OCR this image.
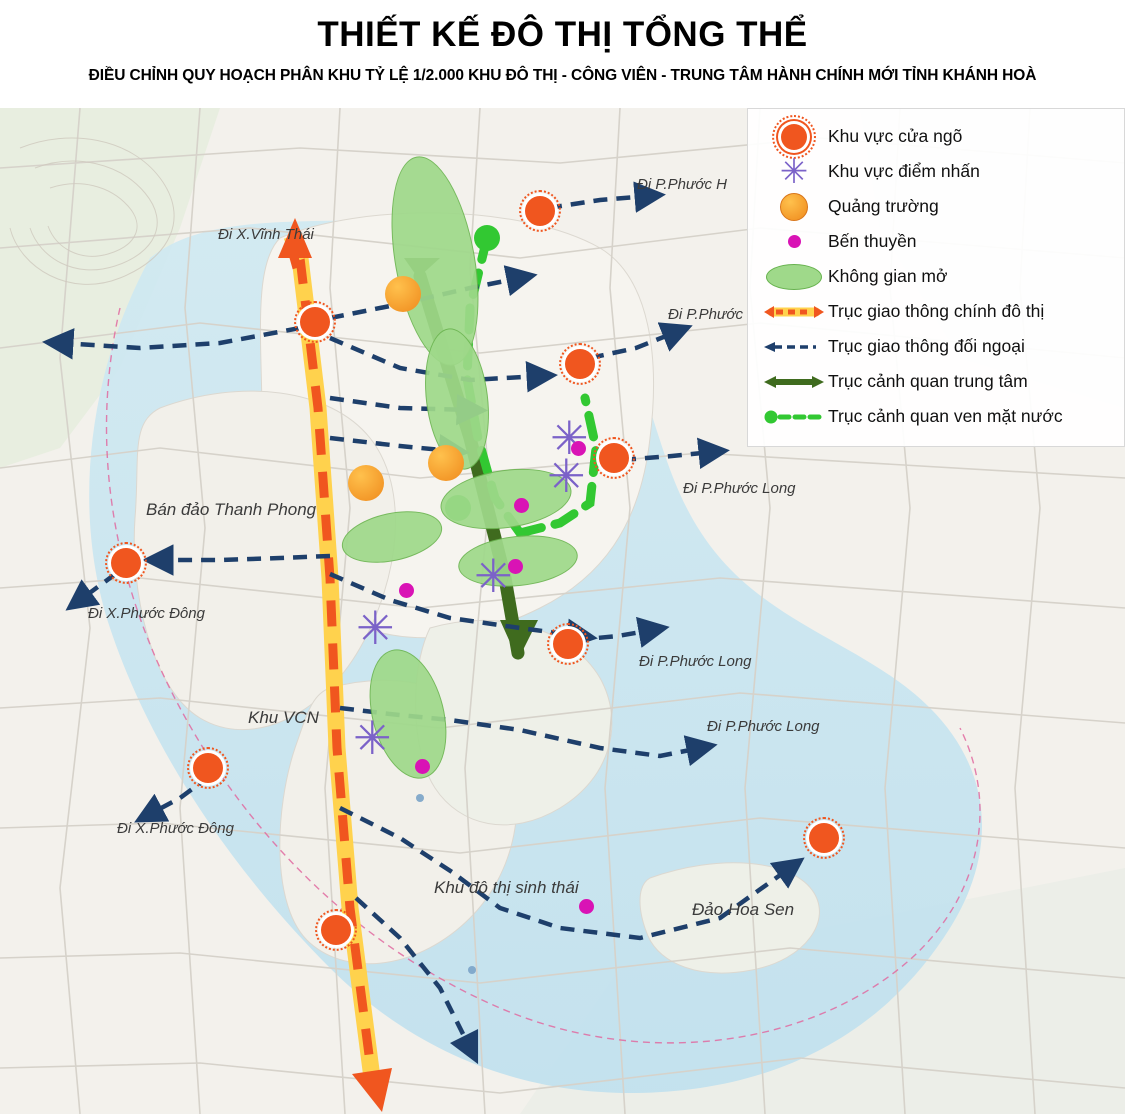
THIẾT KẾ ĐÔ THỊ TỔNG THỂ
ĐIỀU CHỈNH QUY HOẠCH PHÂN KHU TỶ LỆ 1/2.000 KHU ĐÔ THỊ - CÔNG VIÊN - TRUNG TÂM HÀNH CHÍNH MỚI TỈNH KHÁNH HOÀ
Đi X.Vĩnh Thái
Đi P.Phước H
Đi P.Phước
Bán đảo Thanh Phong
Đi P.Phước Long
Đi X.Phước Đông
Đi P.Phước Long
Đi P.Phước Long
Khu VCN
Đi X.Phước Đông
Khu đô thị sinh thái
Đảo Hoa Sen
Khu vực cửa ngõ
✳ Khu vực điểm nhấn
Quảng trường
Bến thuyền
Không gian mở
Trục giao thông chính đô thị
Trục giao thông đối ngoại
Trục cảnh quan trung tâm
Trục cảnh quan ven mặt nước
